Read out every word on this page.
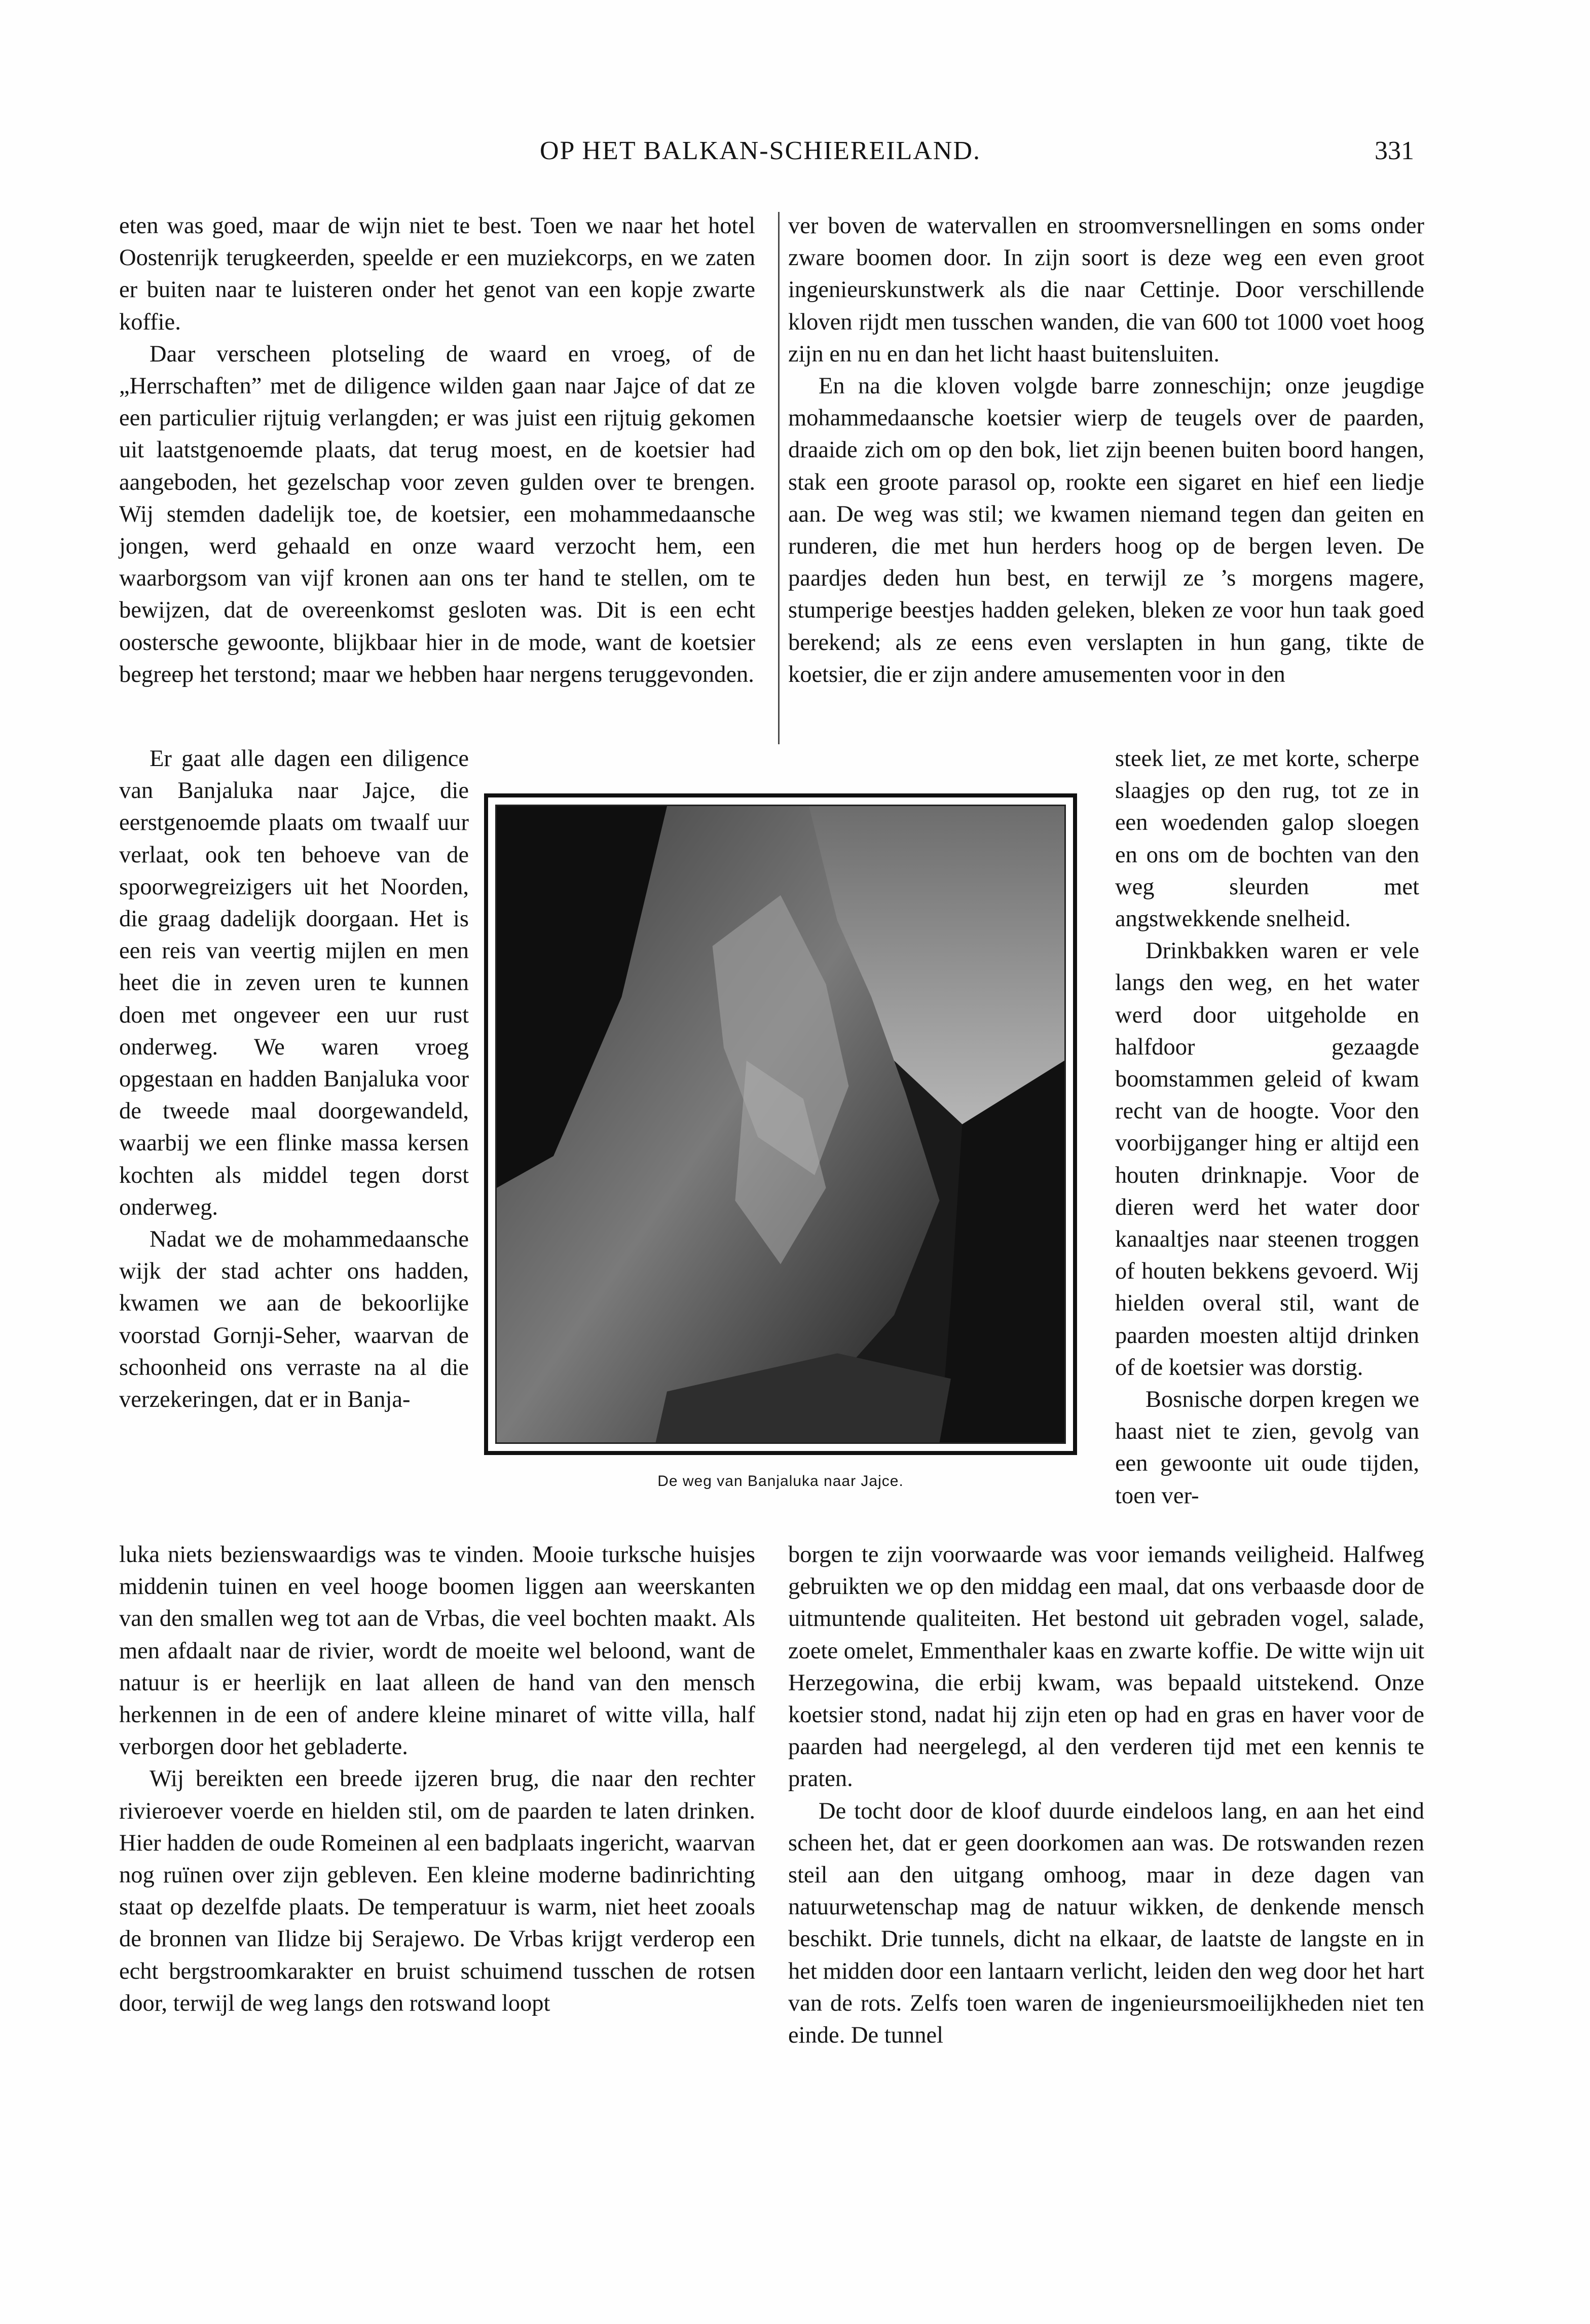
OP HET BALKAN-SCHIEREILAND.	331

eten was goed, maar de wijn niet te best. Toen we naar het hotel Oostenrijk terugkeerden, speelde er een muziekcorps, en we zaten er buiten naar te luisteren onder het genot van een kopje zwarte koffie.

Daar verscheen plotseling de waard en vroeg, of de „Herrschaften” met de diligence wilden gaan naar Jajce of dat ze een particulier rijtuig verlangden; er was juist een rijtuig gekomen uit laatstgenoemde plaats, dat terug moest, en de koetsier had aangeboden, het gezelschap voor zeven gulden over te brengen. Wij stemden dadelijk toe, de koetsier, een mohammedaansche jongen, werd gehaald en onze waard verzocht hem, een waarborgsom van vijf kronen aan ons ter hand te stellen, om te bewijzen, dat de overeenkomst gesloten was. Dit is een echt oostersche gewoonte, blijkbaar hier in de mode, want de koetsier begreep het terstond; maar we hebben haar nergens teruggevonden.

Er gaat alle dagen een diligence van Banjaluka naar Jajce, die eerstgenoemde plaats om twaalf uur verlaat, ook ten behoeve van de spoorwegreizigers uit het Noorden, die graag dadelijk doorgaan. Het is een reis van veertig mijlen en men heet die in zeven uren te kunnen doen met ongeveer een uur rust onderweg. We waren vroeg opgestaan en hadden Banjaluka voor de tweede maal doorgewandeld, waarbij we een flinke massa kersen kochten als middel tegen dorst onderweg.

Nadat we de mohammedaansche wijk der stad achter ons hadden, kwamen we aan de bekoorlijke voorstad Gornji-Seher, waarvan de schoonheid ons verraste na al die verzekeringen, dat er in Banja-

luka niets bezienswaardigs was te vinden. Mooie turksche huisjes middenin tuinen en veel hooge boomen liggen aan weerskanten van den smallen weg tot aan de Vrbas, die veel bochten maakt. Als men afdaalt naar de rivier, wordt de moeite wel beloond, want de natuur is er heerlijk en laat alleen de hand van den mensch herkennen in de een of andere kleine minaret of witte villa, half verborgen door het gebladerte.

Wij bereikten een breede ijzeren brug, die naar den rechter rivieroever voerde en hielden stil, om de paarden te laten drinken. Hier hadden de oude Romeinen al een badplaats ingericht, waarvan nog ruïnen over zijn gebleven. Een kleine moderne badinrichting staat op dezelfde plaats. De temperatuur is warm, niet heet zooals de bronnen van Ilidze bij Serajewo. De Vrbas krijgt verderop een echt bergstroomkarakter en bruist schuimend tusschen de rotsen door, terwijl de weg langs den rotswand loopt

ver boven de watervallen en stroomversnellingen en soms onder zware boomen door. In zijn soort is deze weg een even groot ingenieurskunstwerk als die naar Cettinje. Door verschillende kloven rijdt men tusschen wanden, die van 600 tot 1000 voet hoog zijn en nu en dan het licht haast buitensluiten.

En na die kloven volgde barre zonneschijn; onze jeugdige mohammedaansche koetsier wierp de teugels over de paarden, draaide zich om op den bok, liet zijn beenen buiten boord hangen, stak een groote parasol op, rookte een sigaret en hief een liedje aan. De weg was stil; we kwamen niemand tegen dan geiten en runderen, die met hun herders hoog op de bergen leven. De paardjes deden hun best, en terwijl ze ’s morgens magere, stumperige beestjes hadden geleken, bleken ze voor hun taak goed berekend; als ze eens even verslapten in hun gang, tikte de koetsier, die er zijn andere amusementen voor in den

steek liet, ze met korte, scherpe slaagjes op den rug, tot ze in een woedenden galop sloegen en ons om de bochten van den weg sleurden met angstwekkende snelheid.

Drinkbakken waren er vele langs den weg, en het water werd door uitgeholde en halfdoor gezaagde boomstammen geleid of kwam recht van de hoogte. Voor den voorbijganger hing er altijd een houten drinknapje. Voor de dieren werd het water door kanaaltjes naar steenen troggen of houten bekkens gevoerd. Wij hielden overal stil, want de paarden moesten altijd drinken of de koetsier was dorstig.

Bosnische dorpen kregen we haast niet te zien, gevolg van een gewoonte uit oude tijden, toen ver-

borgen te zijn voorwaarde was voor iemands veiligheid. Halfweg gebruikten we op den middag een maal, dat ons verbaasde door de uitmuntende qualiteiten. Het bestond uit gebraden vogel, salade, zoete omelet, Emmenthaler kaas en zwarte koffie. De witte wijn uit Herzegowina, die erbij kwam, was bepaald uitstekend. Onze koetsier stond, nadat hij zijn eten op had en gras en haver voor de paarden had neergelegd, al den verderen tijd met een kennis te praten.

De tocht door de kloof duurde eindeloos lang, en aan het eind scheen het, dat er geen doorkomen aan was. De rotswanden rezen steil aan den uitgang omhoog, maar in deze dagen van natuurwetenschap mag de natuur wikken, de denkende mensch beschikt. Drie tunnels, dicht na elkaar, de laatste de langste en in het midden door een lantaarn verlicht, leiden den weg door het hart van de rots. Zelfs toen waren de ingenieursmoeilijkheden niet ten einde. De tunnel

De weg van Banjaluka naar Jajce.
